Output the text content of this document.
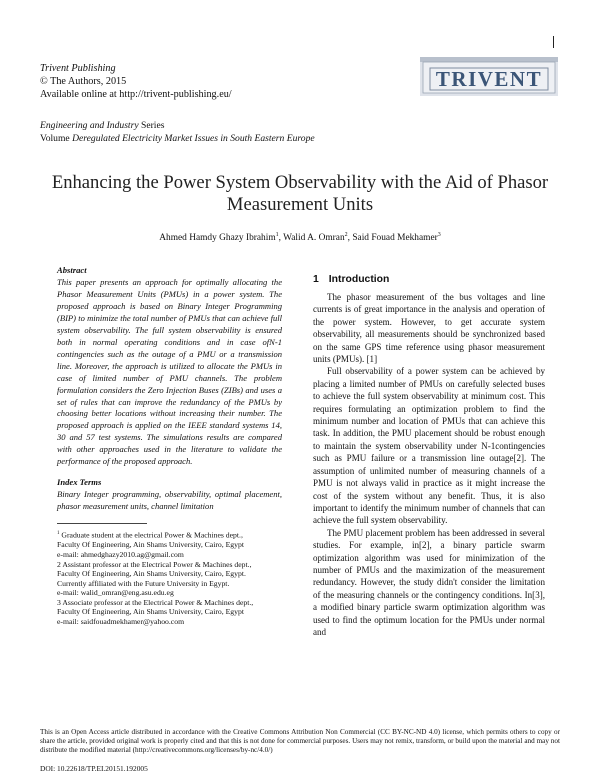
Trivent Publishing
© The Authors, 2015
Available online at http://trivent-publishing.eu/
TRIVENT
Engineering and Industry Series
Volume Deregulated Electricity Market Issues in South Eastern Europe
Enhancing the Power System Observability with the Aid of Phasor Measurement Units
Ahmed Hamdy Ghazy Ibrahim$^1$, Walid A. Omran$^2$, Said Fouad Mekhamer$^3$
Abstract
This paper presents an approach for optimally allocating the Phasor Measurement Units (PMUs) in a power system. The proposed approach is based on Binary Integer Programming (BIP) to minimize the total number of PMUs that can achieve full system observability. The full system observability is ensured both in normal operating conditions and in case ofN-1 contingencies such as the outage of a PMU or a transmission line. Moreover, the approach is utilized to allocate the PMUs in case of limited number of PMU channels. The problem formulation considers the Zero Injection Buses (ZIBs) and uses a set of rules that can improve the redundancy of the PMUs by choosing better locations without increasing their number. The proposed approach is applied on the IEEE standard systems 14, 30 and 57 test systems. The simulations results are compared with other approaches used in the literature to validate the performance of the proposed approach.
Index Terms
Binary Integer programming, observability, optimal placement, phasor measurement units, channel limitation
$^1$ Graduate student at the electrical Power & Machines dept.,
Faculty Of Engineering, Ain Shams University, Cairo, Egypt
e-mail: ahmedghazy2010.ag@gmail.com
2 Assistant professor at the Electrical Power & Machines dept.,
Faculty Of Engineering, Ain Shams University, Cairo, Egypt.
Currently affiliated with the Future University in Egypt.
e-mail: walid_omran@eng.asu.edu.eg
3 Associate professor at the Electrical Power & Machines dept.,
Faculty Of Engineering, Ain Shams University, Cairo, Egypt
e-mail: saidfouadmekhamer@yahoo.com
1 Introduction

The phasor measurement of the bus voltages and line currents is of great importance in the analysis and operation of the power system. However, to get accurate system observability, all measurements should be synchronized based on the same GPS time reference using phasor measurement units (PMUs). [1]

Full observability of a power system can be achieved by placing a limited number of PMUs on carefully selected buses to achieve the full system observability at minimum cost. This requires formulating an optimization problem to find the minimum number and location of PMUs that can achieve this task. In addition, the PMU placement should be robust enough to maintain the system observability under N-1contingencies such as PMU failure or a transmission line outage[2]. The assumption of unlimited number of measuring channels of a PMU is not always valid in practice as it might increase the cost of the system without any benefit. Thus, it is also important to identify the minimum number of channels that can achieve the full system observability.

The PMU placement problem has been addressed in several studies. For example, in[2], a binary particle swarm optimization algorithm was used for minimization of the number of PMUs and the maximization of the measurement redundancy. However, the study didn't consider the limitation of the measuring channels or the contingency conditions. In[3], a modified binary particle swarm optimization algorithm was used to find the optimum location for the PMUs under normal and

This is an Open Access article distributed in accordance with the Creative Commons Attribution Non Commercial (CC BY-NC-ND 4.0) license, which permits others to copy or share the article, provided original work is properly cited and that this is not done for commercial purposes. Users may not remix, transform, or build upon the material and may not distribute the modified material (http://creativecommons.org/licenses/by-nc/4.0/)
DOI: 10.22618/TP.EI.20151.192005
